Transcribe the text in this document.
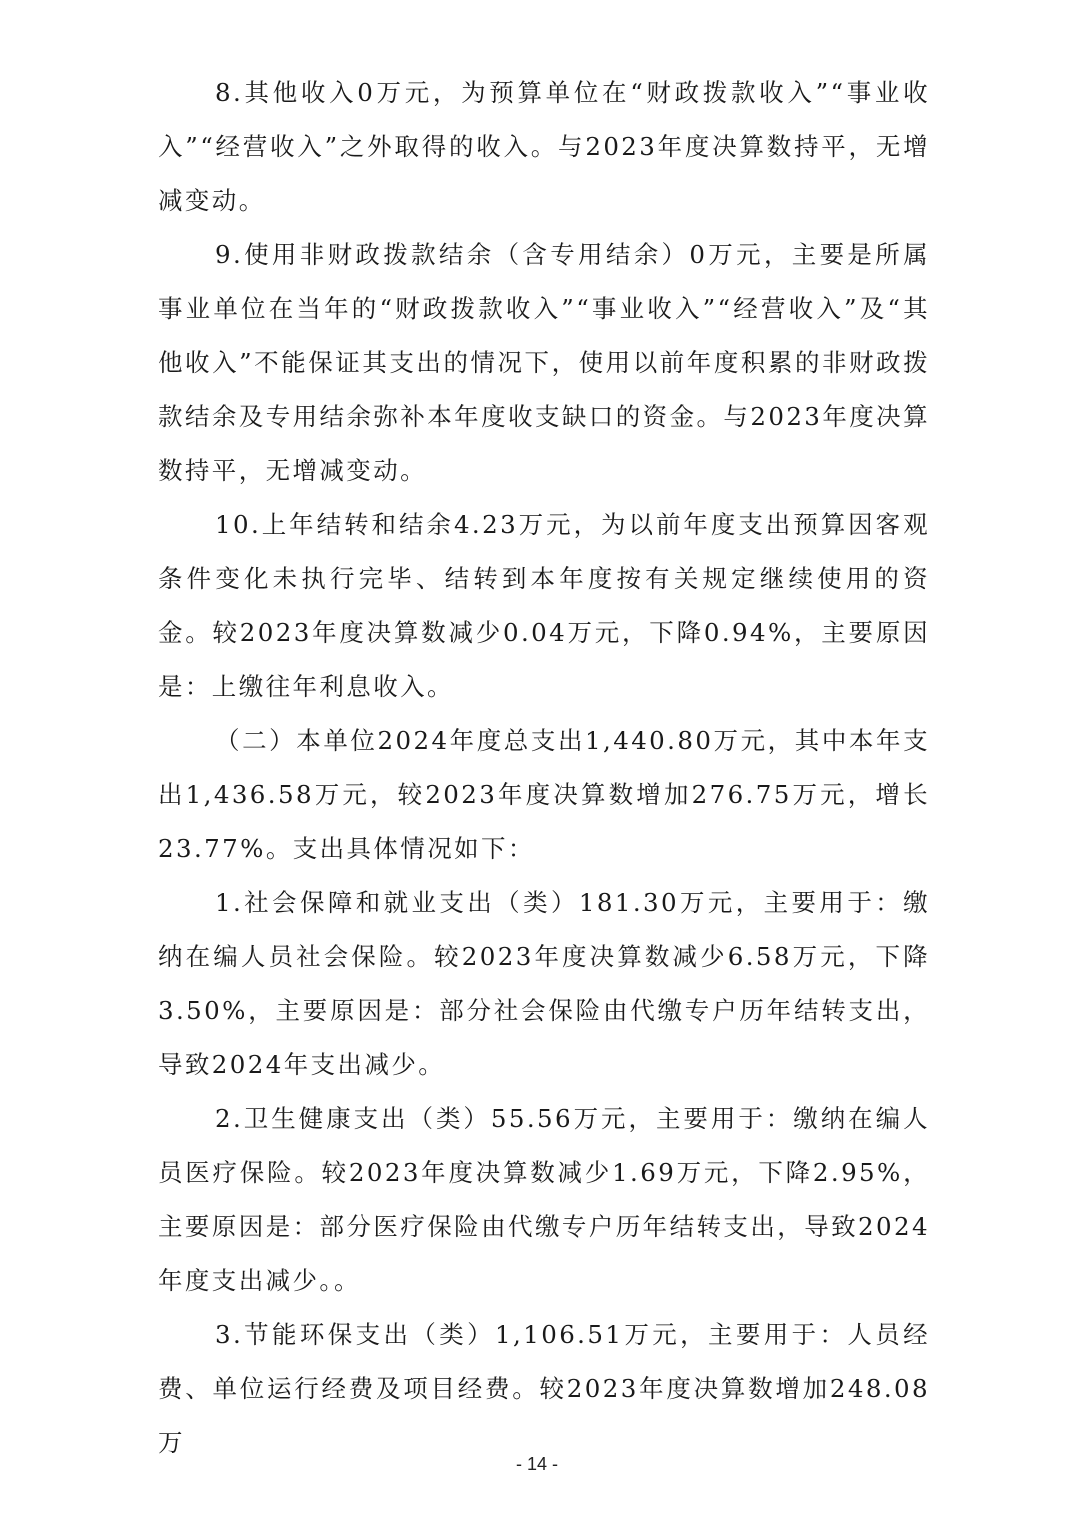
8.其他收入0万元，为预算单位在“财政拨款收入”“事业收入”“经营收入”之外取得的收入。与2023年度决算数持平，无增减变动。

9.使用非财政拨款结余（含专用结余）0万元，主要是所属事业单位在当年的“财政拨款收入”“事业收入”“经营收入”及“其他收入”不能保证其支出的情况下，使用以前年度积累的非财政拨款结余及专用结余弥补本年度收支缺口的资金。与2023年度决算数持平，无增减变动。

10.上年结转和结余4.23万元，为以前年度支出预算因客观条件变化未执行完毕、结转到本年度按有关规定继续使用的资金。较2023年度决算数减少0.04万元，下降0.94%，主要原因是：上缴往年利息收入。

（二）本单位2024年度总支出1,440.80万元，其中本年支出1,436.58万元，较2023年度决算数增加276.75万元，增长23.77%。支出具体情况如下：

1.社会保障和就业支出（类）181.30万元，主要用于：缴纳在编人员社会保险。较2023年度决算数减少6.58万元，下降3.50%，主要原因是：部分社会保险由代缴专户历年结转支出，导致2024年支出减少。

2.卫生健康支出（类）55.56万元，主要用于：缴纳在编人员医疗保险。较2023年度决算数减少1.69万元，下降2.95%，主要原因是：部分医疗保险由代缴专户历年结转支出，导致2024年度支出减少。。

3.节能环保支出（类）1,106.51万元，主要用于：人员经费、单位运行经费及项目经费。较2023年度决算数增加248.08万

- 14 -
